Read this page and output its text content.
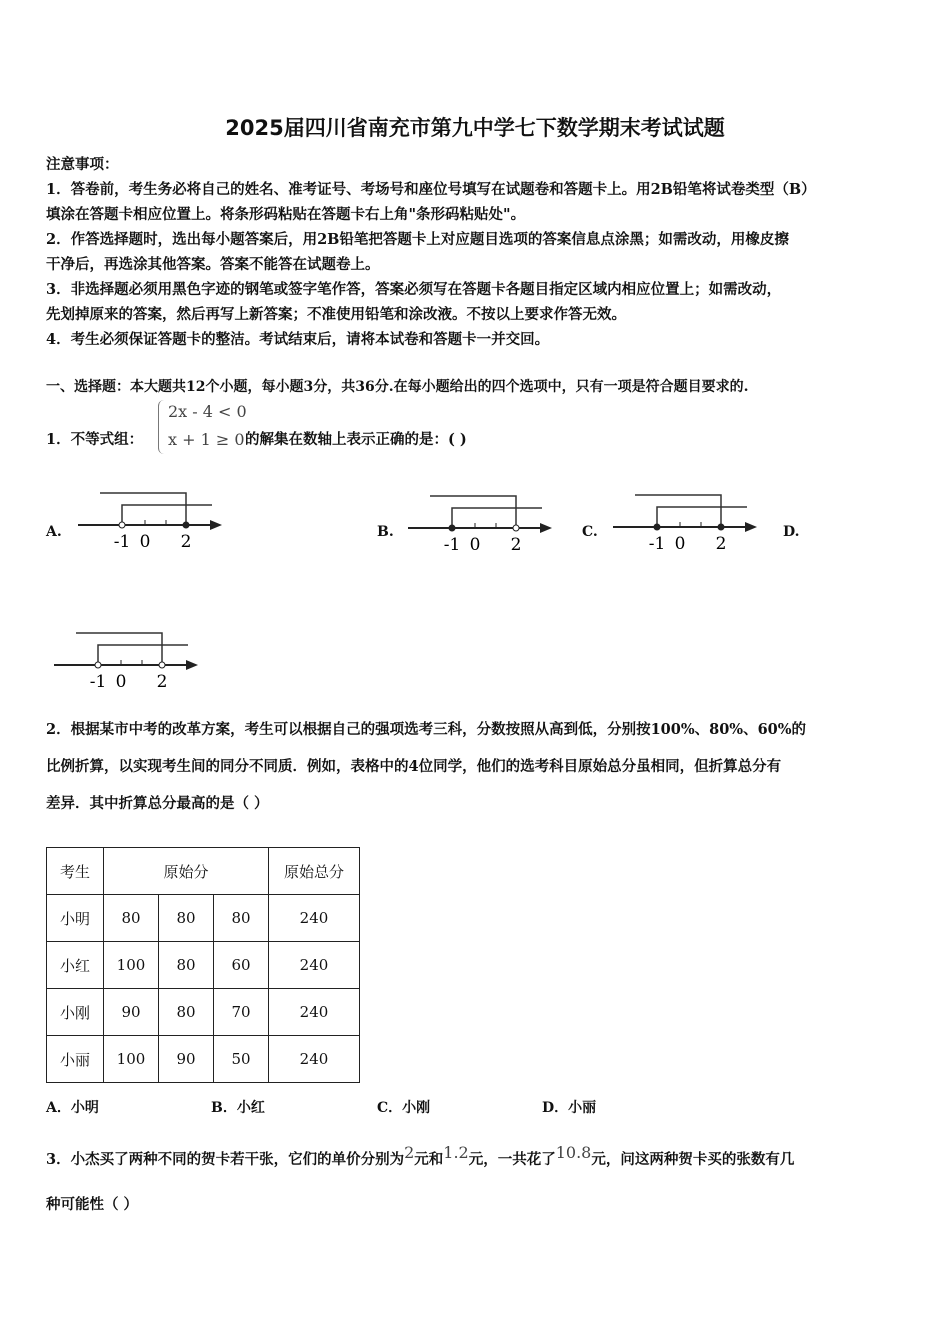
2025届四川省南充市第九中学七下数学期末考试试题
注意事项：
1．答卷前，考生务必将自己的姓名、准考证号、考场号和座位号填写在试题卷和答题卡上。用2B铅笔将试卷类型（B）
填涂在答题卡相应位置上。将条形码粘贴在答题卡右上角"条形码粘贴处"。
2．作答选择题时，选出每小题答案后，用2B铅笔把答题卡上对应题目选项的答案信息点涂黑；如需改动，用橡皮擦
干净后，再选涂其他答案。答案不能答在试题卷上。
3．非选择题必须用黑色字迹的钢笔或签字笔作答，答案必须写在答题卡各题目指定区域内相应位置上；如需改动，
先划掉原来的答案，然后再写上新答案；不准使用铅笔和涂改液。不按以上要求作答无效。
4．考生必须保证答题卡的整洁。考试结束后，请将本试卷和答题卡一并交回。
一、选择题：本大题共12个小题，每小题3分，共36分.在每小题给出的四个选项中，只有一项是符合题目要求的.
1．不等式组：
2x - 4 < 0
x + 1 ≥ 0 的解集在数轴上表示正确的是：( )
A.	B.	C.	D.
-1 0 2	-1 0 2	-1 0 2
-1 0 2
2．根据某市中考的改革方案，考生可以根据自己的强项选考三科，分数按照从高到低，分别按100%、80%、60%的
比例折算，以实现考生间的同分不同质．例如，表格中的4位同学，他们的选考科目原始总分虽相同，但折算总分有
差异．其中折算总分最高的是（ ）
考生	原始分			原始总分
小明	80	80	80	240
小红	100	80	60	240
小刚	90	80	70	240
小丽	100	90	50	240
A．小明	B．小红	C．小刚	D．小丽
3．小杰买了两种不同的贺卡若干张，它们的单价分别为$^2$元和$^{1.2}$元，一共花了$^{10.8}$元，问这两种贺卡买的张数有几
种可能性（ ）
